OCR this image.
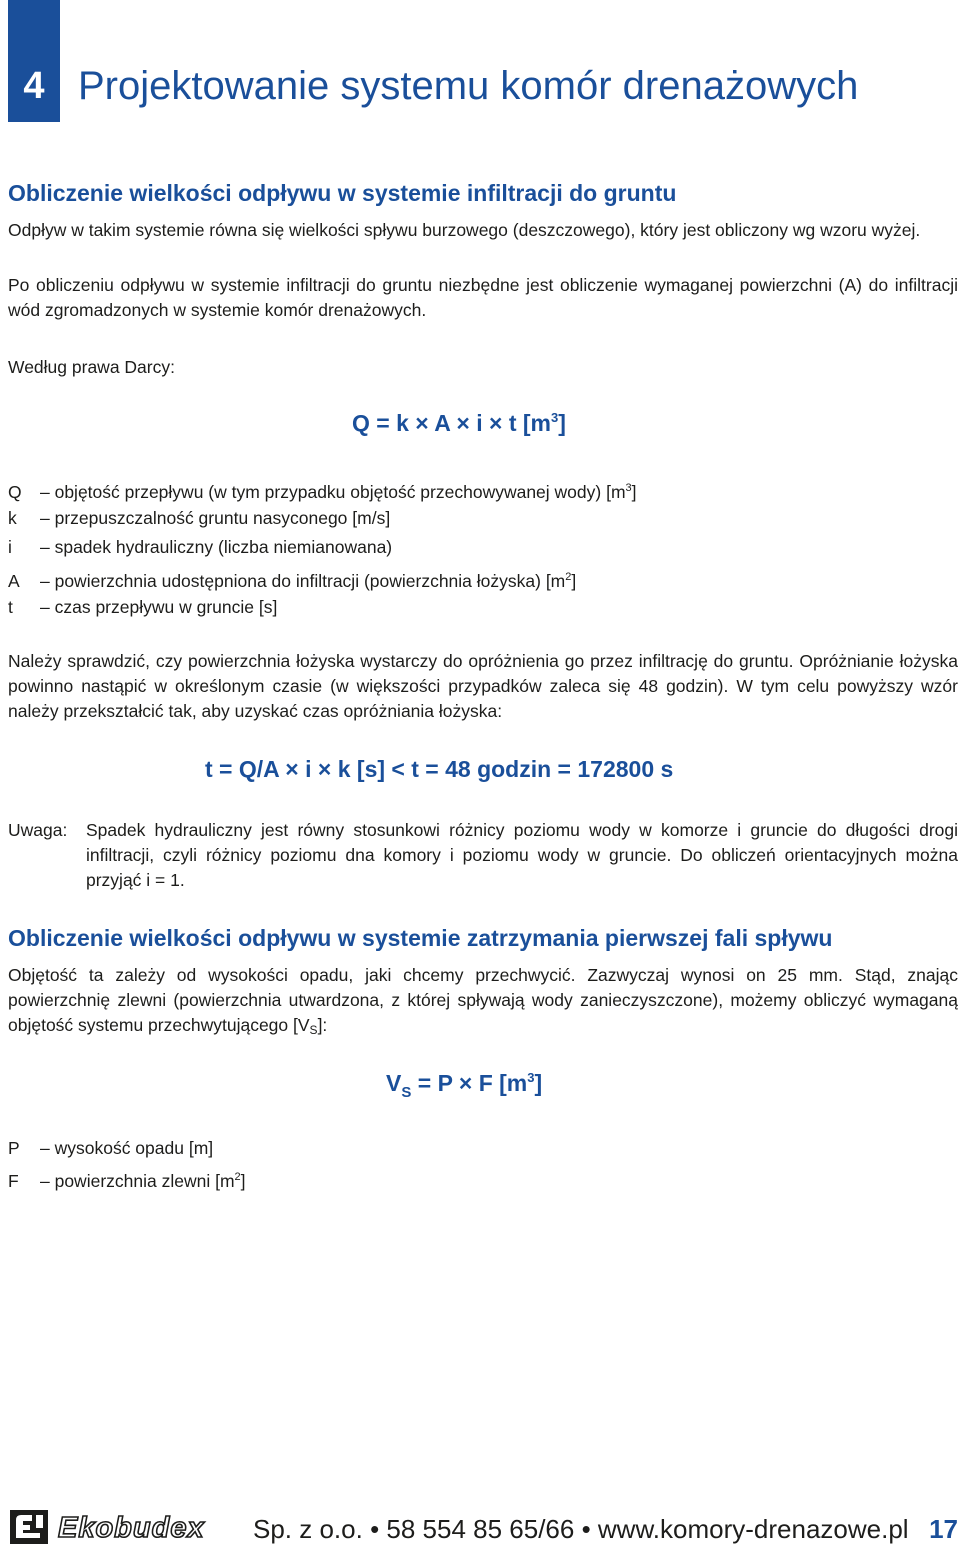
4 Projektowanie systemu komór drenażowych
Obliczenie wielkości odpływu w systemie infiltracji do gruntu
Odpływ w takim systemie równa się wielkości spływu burzowego (deszczowego), który jest obliczony wg wzoru wyżej.
Po obliczeniu odpływu w systemie infiltracji do gruntu niezbędne jest obliczenie wymaganej powierzchni (A) do infiltracji wód zgromadzonych w systemie komór drenażowych.
Według prawa Darcy:
Q = k × A × i × t $[m^3]$
Q – objętość przepływu (w tym przypadku objętość przechowywanej wody) $[m^3]$
k – przepuszczalność gruntu nasyconego [m/s]
i – spadek hydrauliczny (liczba niemianowana)
A – powierzchnia udostępniona do infiltracji (powierzchnia łożyska) $[m^2]$
t – czas przepływu w gruncie [s]
Należy sprawdzić, czy powierzchnia łożyska wystarczy do opróżnienia go przez infiltrację do gruntu. Opróżnianie łożyska powinno nastąpić w określonym czasie (w większości przypadków zaleca się 48 godzin). W tym celu powyższy wzór należy przekształcić tak, aby uzyskać czas opróżniania łożyska:
t = Q/A × i × k [s] < t = 48 godzin = 172800 s
Uwaga: Spadek hydrauliczny jest równy stosunkowi różnicy poziomu wody w komorze i gruncie do długości drogi infiltracji, czyli różnicy poziomu dna komory i poziomu wody w gruncie. Do obliczeń orientacyjnych można przyjąć i = 1.
Obliczenie wielkości odpływu w systemie zatrzymania pierwszej fali spływu
Objętość ta zależy od wysokości opadu, jaki chcemy przechwycić. Zazwyczaj wynosi on 25 mm. Stąd, znając powierzchnię zlewni (powierzchnia utwardzona, z której spływają wody zanieczyszczone), możemy obliczyć wymaganą objętość systemu przechwytującego $[V_S]$:
$V_S = P \times F$ $[m^3]$
P – wysokość opadu [m]
F – powierzchnia zlewni $[m^2]$
Ekobudex Sp. z o.o. • 58 554 85 65/66 • www.komory-drenazowe.pl 17
